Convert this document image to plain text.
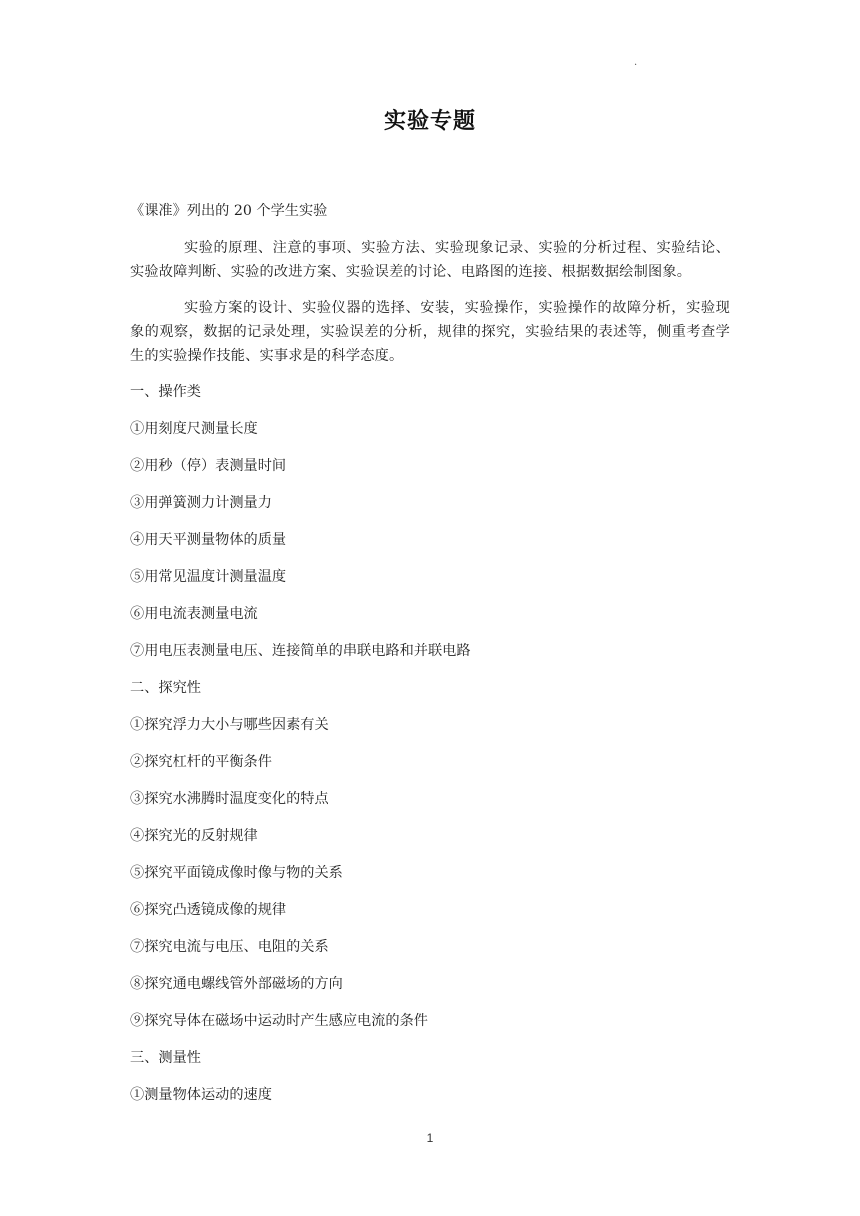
.
实验专题

《课准》列出的 20 个学生实验

实验的原理、注意的事项、实验方法、实验现象记录、实验的分析过程、实验结论、实验故障判断、实验的改进方案、实验误差的讨论、电路图的连接、根据数据绘制图象。

实验方案的设计、实验仪器的选择、安装，实验操作，实验操作的故障分析，实验现象的观察，数据的记录处理，实验误差的分析，规律的探究，实验结果的表述等，侧重考查学生的实验操作技能、实事求是的科学态度。

一、操作类

①用刻度尺测量长度

②用秒（停）表测量时间

③用弹簧测力计测量力

④用天平测量物体的质量

⑤用常见温度计测量温度

⑥用电流表测量电流

⑦用电压表测量电压、连接简单的串联电路和并联电路

二、探究性

①探究浮力大小与哪些因素有关

②探究杠杆的平衡条件

③探究水沸腾时温度变化的特点

④探究光的反射规律

⑤探究平面镜成像时像与物的关系

⑥探究凸透镜成像的规律

⑦探究电流与电压、电阻的关系

⑧探究通电螺线管外部磁场的方向

⑨探究导体在磁场中运动时产生感应电流的条件

三、测量性

①测量物体运动的速度

1
